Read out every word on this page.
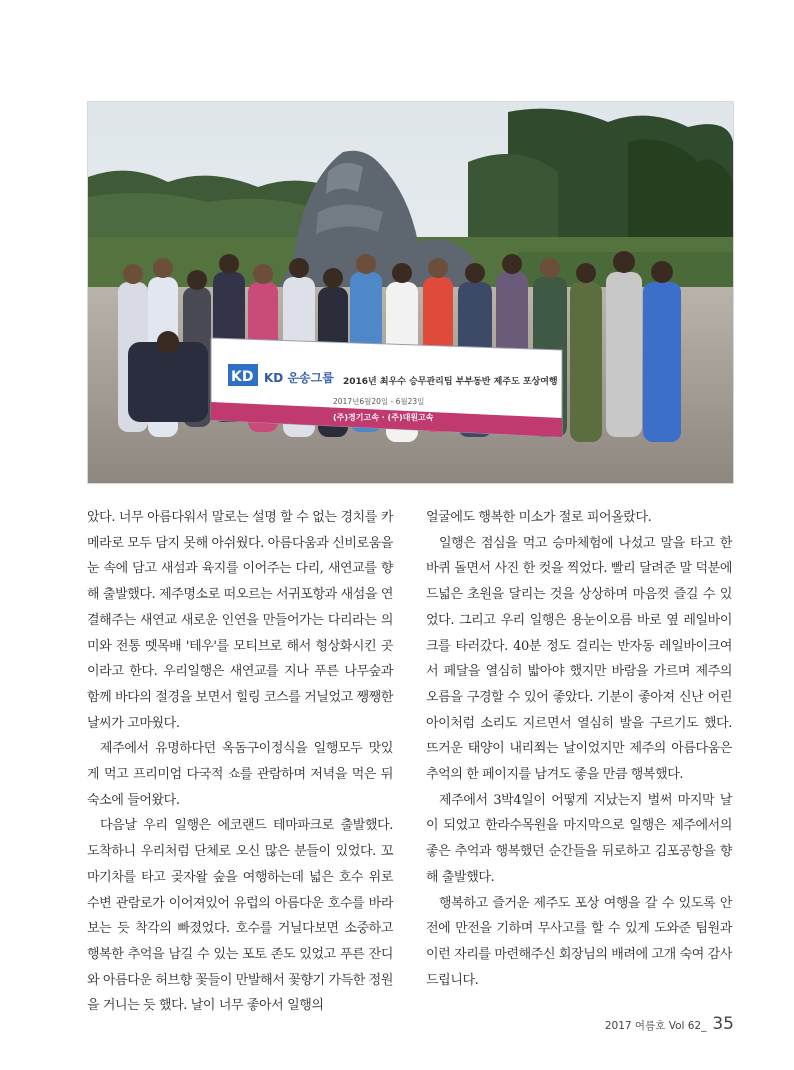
KD KD 운송그룹 2016년 최우수 승무관리팀 부부동반 제주도 포상여행
2017년6월20일 - 6월23일
(주)경기고속 · (주)대원고속

았다. 너무 아름다워서 말로는 설명 할 수 없는 경치를 카메라로 모두 담지 못해 아쉬웠다. 아름다움과 신비로움을 눈 속에 담고 새섬과 육지를 이어주는 다리, 새연교를 향해 출발했다. 제주명소로 떠오르는 서귀포항과 새섬을 연결해주는 새연교 새로운 인연을 만들어가는 다리라는 의미와 전통 뗏목배 '테우'를 모티브로 해서 형상화시킨 곳이라고 한다. 우리일행은 새연교를 지나 푸른 나무숲과 함께 바다의 절경을 보면서 힐링 코스를 거닐었고 쨍쨍한 날씨가 고마웠다.

제주에서 유명하다던 옥돔구이정식을 일행모두 맛있게 먹고 프리미엄 다국적 쇼를 관람하며 저녁을 먹은 뒤 숙소에 들어왔다.

다음날 우리 일행은 에코랜드 테마파크로 출발했다. 도착하니 우리처럼 단체로 오신 많은 분들이 있었다. 꼬마기차를 타고 곶자왈 숲을 여행하는데 넓은 호수 위로 수변 관람로가 이어져있어 유럽의 아름다운 호수를 바라보는 듯 착각의 빠졌었다. 호수를 거닐다보면 소중하고 행복한 추억을 남길 수 있는 포토 존도 있었고 푸른 잔디와 아름다운 허브향 꽃들이 만발해서 꽃향기 가득한 정원을 거니는 듯 했다. 날이 너무 좋아서 일행의

얼굴에도 행복한 미소가 절로 피어올랐다.

일행은 점심을 먹고 승마체험에 나섰고 말을 타고 한 바퀴 돌면서 사진 한 컷을 찍었다. 빨리 달려준 말 덕분에 드넓은 초원을 달리는 것을 상상하며 마음껏 즐길 수 있었다. 그리고 우리 일행은 용눈이오름 바로 옆 레일바이크를 타러갔다. 40분 정도 걸리는 반자동 레일바이크여서 페달을 열심히 밟아야 했지만 바람을 가르며 제주의 오름을 구경할 수 있어 좋았다. 기분이 좋아져 신난 어린아이처럼 소리도 지르면서 열심히 발을 구르기도 했다. 뜨거운 태양이 내리쬐는 날이었지만 제주의 아름다움은 추억의 한 페이지를 남겨도 좋을 만큼 행복했다.

제주에서 3박4일이 어떻게 지났는지 벌써 마지막 날이 되었고 한라수목원을 마지막으로 일행은 제주에서의 좋은 추억과 행복했던 순간들을 뒤로하고 김포공항을 향해 출발했다.

행복하고 즐거운 제주도 포상 여행을 갈 수 있도록 안전에 만전을 기하며 무사고를 할 수 있게 도와준 팀원과 이런 자리를 마련해주신 회장님의 배려에 고개 숙여 감사드립니다.

2017 여름호 Vol 62_ 35
